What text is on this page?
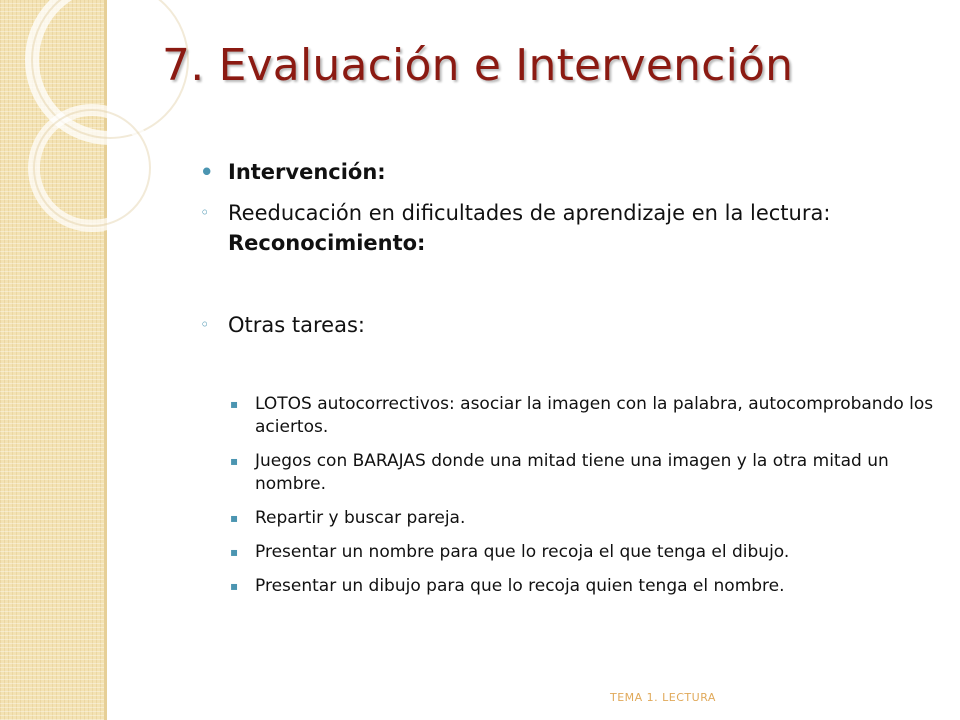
7. Evaluación e Intervención

• Intervención:

◦ Reeducación en dificultades de aprendizaje en la lectura: Reconocimiento:

◦ Otras tareas:

▪ LOTOS autocorrectivos: asociar la imagen con la palabra, autocomprobando los aciertos.

▪ Juegos con BARAJAS donde una mitad tiene una imagen y la otra mitad un nombre.

▪ Repartir y buscar pareja.

▪ Presentar un nombre para que lo recoja el que tenga el dibujo.

▪ Presentar un dibujo para que lo recoja quien tenga el nombre.

TEMA 1. LECTURA
